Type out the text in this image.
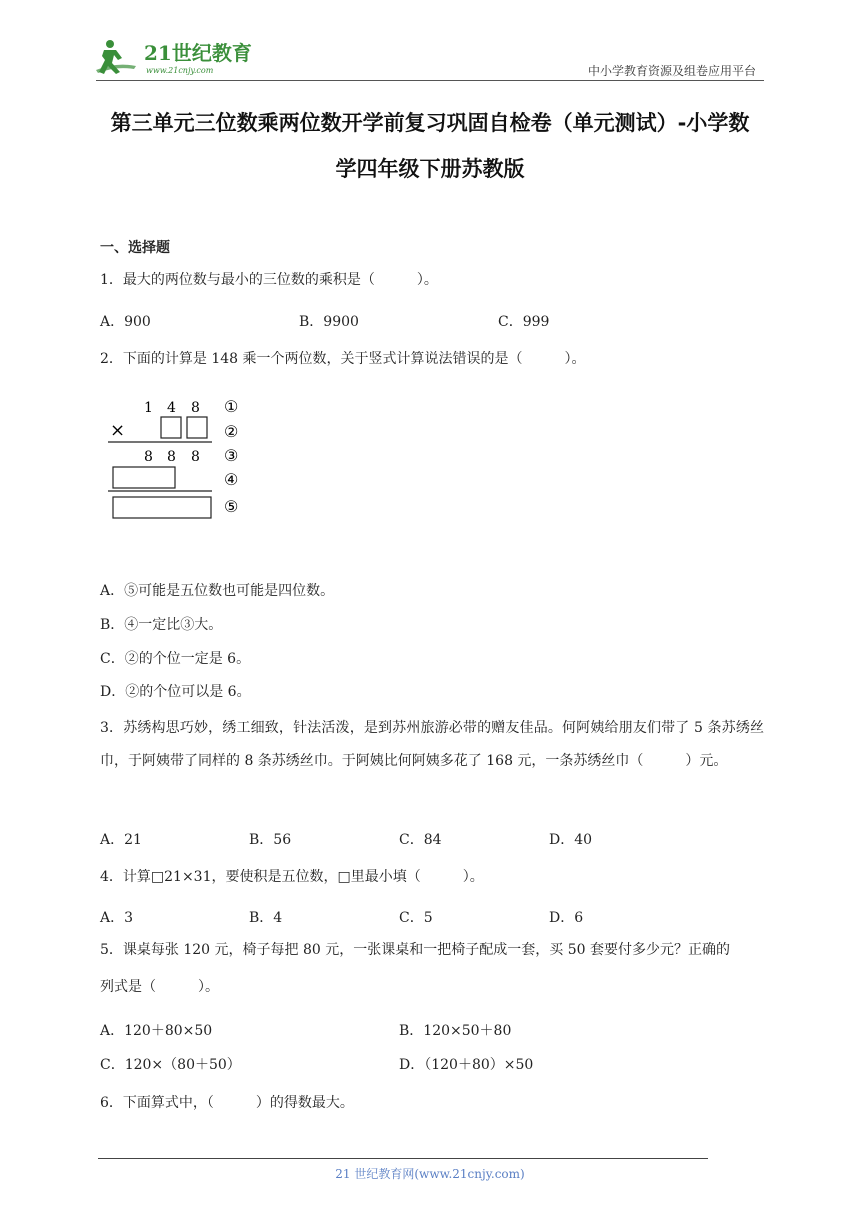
21世纪教育
www.21cnjy.com	中小学教育资源及组卷应用平台
第三单元三位数乘两位数开学前复习巩固自检卷（单元测试）-小学数
学四年级下册苏教版
一、选择题
1．最大的两位数与最小的三位数的乘积是（　　　）。
A．900	B．9900	C．999
2．下面的计算是 148 乘一个两位数，关于竖式计算说法错误的是（　　　）。
1 4 8 ①
×	②
8 8 8 ③
④
⑤
A．⑤可能是五位数也可能是四位数。
B．④一定比③大。
C．②的个位一定是 6。
D．②的个位可以是 6。
3．苏绣构思巧妙，绣工细致，针法活泼，是到苏州旅游必带的赠友佳品。何阿姨给朋友们带了 5 条苏绣丝巾，于阿姨带了同样的 8 条苏绣丝巾。于阿姨比何阿姨多花了 168 元，一条苏绣丝巾（　　　）元。
A．21	B．56	C．84	D．40
4．计算□21×31，要使积是五位数，□里最小填（　　　）。
A．3	B．4	C．5	D．6
5．课桌每张 120 元，椅子每把 80 元，一张课桌和一把椅子配成一套，买 50 套要付多少元？正确的
列式是（　　　）。
A．120＋80×50	B．120×50＋80
C．120×（80＋50）	D．（120＋80）×50
6．下面算式中，（　　　）的得数最大。
21 世纪教育网(www.21cnjy.com)
